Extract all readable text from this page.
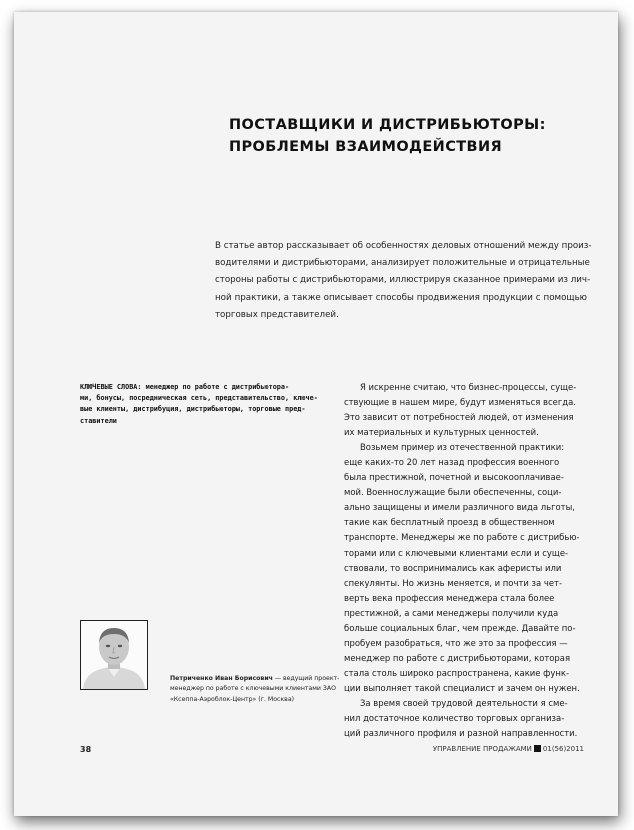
ПОСТАВЩИКИ И ДИСТРИБЬЮТОРЫ:
ПРОБЛЕМЫ ВЗАИМОДЕЙСТВИЯ
В статье автор рассказывает об особенностях деловых отношений между произ-
водителями и дистрибьюторами, анализирует положительные и отрицательные
стороны работы с дистрибьюторами, иллюстрируя сказанное примерами из лич-
ной практики, а также описывает способы продвижения продукции с помощью
торговых представителей.
КЛЮЧЕВЫЕ СЛОВА: менеджер по работе с дистрибьютора-
ми, бонусы, посредническая сеть, представительство, ключе-
вые клиенты, дистрибуция, дистрибьюторы, торговые пред-
ставители
Я искренне считаю, что бизнес-процессы, суще-
ствующие в нашем мире, будут изменяться всегда.
Это зависит от потребностей людей, от изменения
их материальных и культурных ценностей.
Возьмем пример из отечественной практики:
еще каких-то 20 лет назад профессия военного
была престижной, почетной и высокооплачивае-
мой. Военнослужащие были обеспеченны, соци-
ально защищены и имели различного вида льготы,
такие как бесплатный проезд в общественном
транспорте. Менеджеры же по работе с дистрибью-
торами или с ключевыми клиентами если и суще-
ствовали, то воспринимались как аферисты или
спекулянты. Но жизнь меняется, и почти за чет-
верть века профессия менеджера стала более
престижной, а сами менеджеры получили куда
больше социальных благ, чем прежде. Давайте по-
пробуем разобраться, что же это за профессия —
менеджер по работе с дистрибьюторами, которая
стала столь широко распространена, какие функ-
ции выполняет такой специалист и зачем он нужен.
За время своей трудовой деятельности я сме-
нил достаточное количество торговых организа-
ций различного профиля и разной направленности.
Петриченко Иван Борисович — ведущий проект-
менеджер по работе с ключевыми клиентами ЗАО
«Ксеппа-Аэроблок-Центр» (г. Москва)
38	УПРАВЛЕНИЕ ПРОДАЖАМИ 01(56)2011
